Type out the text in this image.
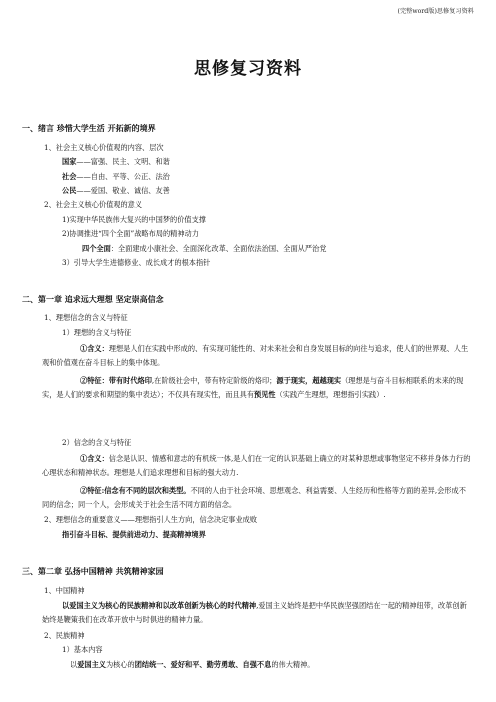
(完整word版)思修复习资料
思修复习资料
一、绪言 珍惜大学生活 开拓新的境界
1、社会主义核心价值观的内容、层次
国家——富强、民主、文明、和谐
社会——自由、平等、公正、法治
公民——爱国、敬业、诚信、友善
2、社会主义核心价值观的意义
1)实现中华民族伟大复兴的中国梦的价值支撑
2)协调推进“四个全面”战略布局的精神动力
四个全面：全面建成小康社会、全面深化改革、全面依法治国、全面从严治党
3）引导大学生进德修业、成长成才的根本指针
二、第一章 追求远大理想 坚定崇高信念
1、理想信念的含义与特征
1）理想的含义与特征
①含义：理想是人们在实践中形成的、有实现可能性的、对未来社会和自身发展目标的向往与追求，使人们的世界观、人生观和价值观在奋斗目标上的集中体现。
②特征：带有时代烙印,在阶级社会中，带有特定阶级的烙印；源于现实，超越现实（理想是与奋斗目标相联系的未来的现实，是人们的要求和期望的集中表达）；不仅具有现实性，而且具有预见性（实践产生理想，理想指引实践）.
2）信念的含义与特征
①含义：信念是认识、情感和意志的有机统一体,是人们在一定的认识基础上确立的对某种思想或事物坚定不移并身体力行的心理状态和精神状态。理想是人们追求理想和目标的强大动力.
②特征:信念有不同的层次和类型。不同的人由于社会环境、思想观念、利益需要、人生经历和性格等方面的差异,会形成不同的信念；同一个人，会形成关于社会生活不同方面的信念。
2、理想信念的重要意义——理想指引人生方向，信念决定事业成败
指引奋斗目标、提供前进动力、提高精神境界
三、第二章 弘扬中国精神 共筑精神家园
1、中国精神
以爱国主义为核心的民族精神和以改革创新为核心的时代精神,爱国主义始终是把中华民族坚强团结在一起的精神纽带，改革创新始终是鞭策我们在改革开放中与时俱进的精神力量。
2、民族精神
1）基本内容
以爱国主义为核心的团结统一、爱好和平、勤劳勇敢、自强不息的伟大精神。
